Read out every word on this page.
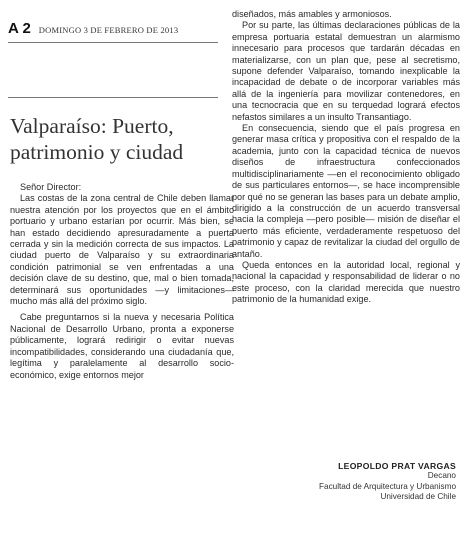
A 2 DOMINGO 3 DE FEBRERO DE 2013
Valparaíso: Puerto, patrimonio y ciudad

Señor Director:

Las costas de la zona central de Chile deben llamar nuestra atención por los proyectos que en el ámbito portuario y urbano estarían por ocurrir. Más bien, se han estado decidiendo apresuradamente a puerta cerrada y sin la medición correcta de sus impactos. La ciudad puerto de Valparaíso y su extraordinaria condición patrimonial se ven enfrentadas a una decisión clave de su destino, que, mal o bien tomada, determinará sus oportunidades —y limitaciones— mucho más allá del próximo siglo.

Cabe preguntarnos si la nueva y necesaria Política Nacional de Desarrollo Urbano, pronta a exponerse públicamente, logrará redirigir o evitar nuevas incompatibilidades, considerando una ciudadanía que, legítima y paralelamente al desarrollo socio-económico, exige entornos mejor

diseñados, más amables y armoniosos.

Por su parte, las últimas declaraciones públicas de la empresa portuaria estatal demuestran un alarmismo innecesario para procesos que tardarán décadas en materializarse, con un plan que, pese al secretismo, supone defender Valparaíso, tomando inexplicable la incapacidad de debate o de incorporar variables más allá de la ingeniería para movilizar contenedores, en una tecnocracia que en su terquedad logrará efectos nefastos similares a un insulto Transantiago.

En consecuencia, siendo que el país progresa en generar masa crítica y propositiva con el respaldo de la academia, junto con la capacidad técnica de nuevos diseños de infraestructura confeccionados multidisciplinariamente —en el reconocimiento obligado de sus particulares entornos—, se hace incomprensible por qué no se generan las bases para un debate amplio, dirigido a la construcción de un acuerdo transversal hacia la compleja —pero posible— misión de diseñar el puerto más eficiente, verdaderamente respetuoso del patrimonio y capaz de revitalizar la ciudad del orgullo de antaño.

Queda entonces en la autoridad local, regional y nacional la capacidad y responsabilidad de liderar o no este proceso, con la claridad merecida que nuestro patrimonio de la humanidad exige.

LEOPOLDO PRAT VARGAS
Decano
Facultad de Arquitectura y Urbanismo
Universidad de Chile
